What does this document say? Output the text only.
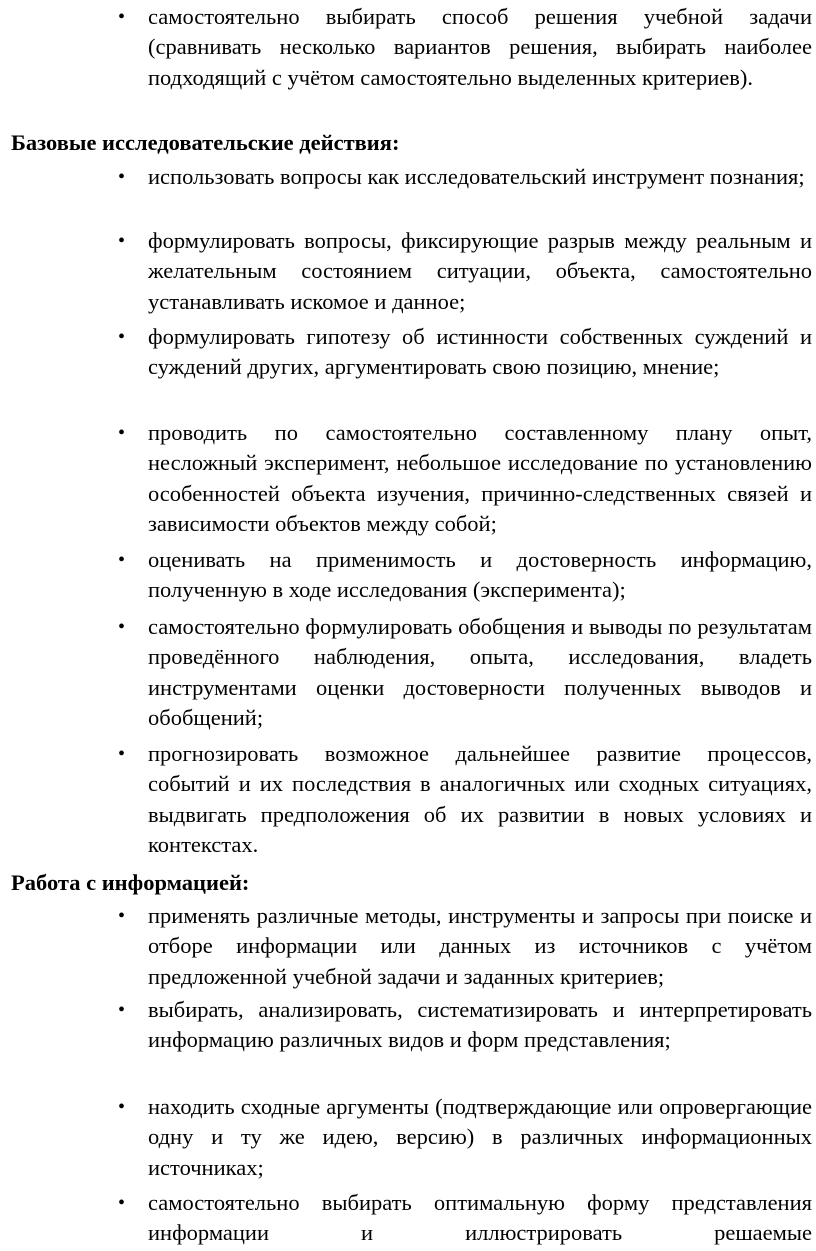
• самостоятельно выбирать способ решения учебной задачи (сравнивать несколько вариантов решения, выбирать наиболее подходящий с учётом самостоятельно выделенных критериев).

Базовые исследовательские действия:
• использовать вопросы как исследовательский инструмент познания;

• формулировать вопросы, фиксирующие разрыв между реальным и желательным состоянием ситуации, объекта, самостоятельно устанавливать искомое и данное;

• формулировать гипотезу об истинности собственных суждений и суждений других, аргументировать свою позицию, мнение;

• проводить по самостоятельно составленному плану опыт, несложный эксперимент, небольшое исследование по установлению особенностей объекта изучения, причинно-следственных связей и зависимости объектов между собой;

• оценивать на применимость и достоверность информацию, полученную в ходе исследования (эксперимента);

• самостоятельно формулировать обобщения и выводы по результатам проведённого наблюдения, опыта, исследования, владеть инструментами оценки достоверности полученных выводов и обобщений;

• прогнозировать возможное дальнейшее развитие процессов, событий и их последствия в аналогичных или сходных ситуациях, выдвигать предположения об их развитии в новых условиях и контекстах.

Работа с информацией:
• применять различные методы, инструменты и запросы при поиске и отборе информации или данных из источников с учётом предложенной учебной задачи и заданных критериев;

• выбирать, анализировать, систематизировать и интерпретировать информацию различных видов и форм представления;

• находить сходные аргументы (подтверждающие или опровергающие одну и ту же идею, версию) в различных информационных источниках;

• самостоятельно выбирать оптимальную форму представления информации и иллюстрировать решаемые
